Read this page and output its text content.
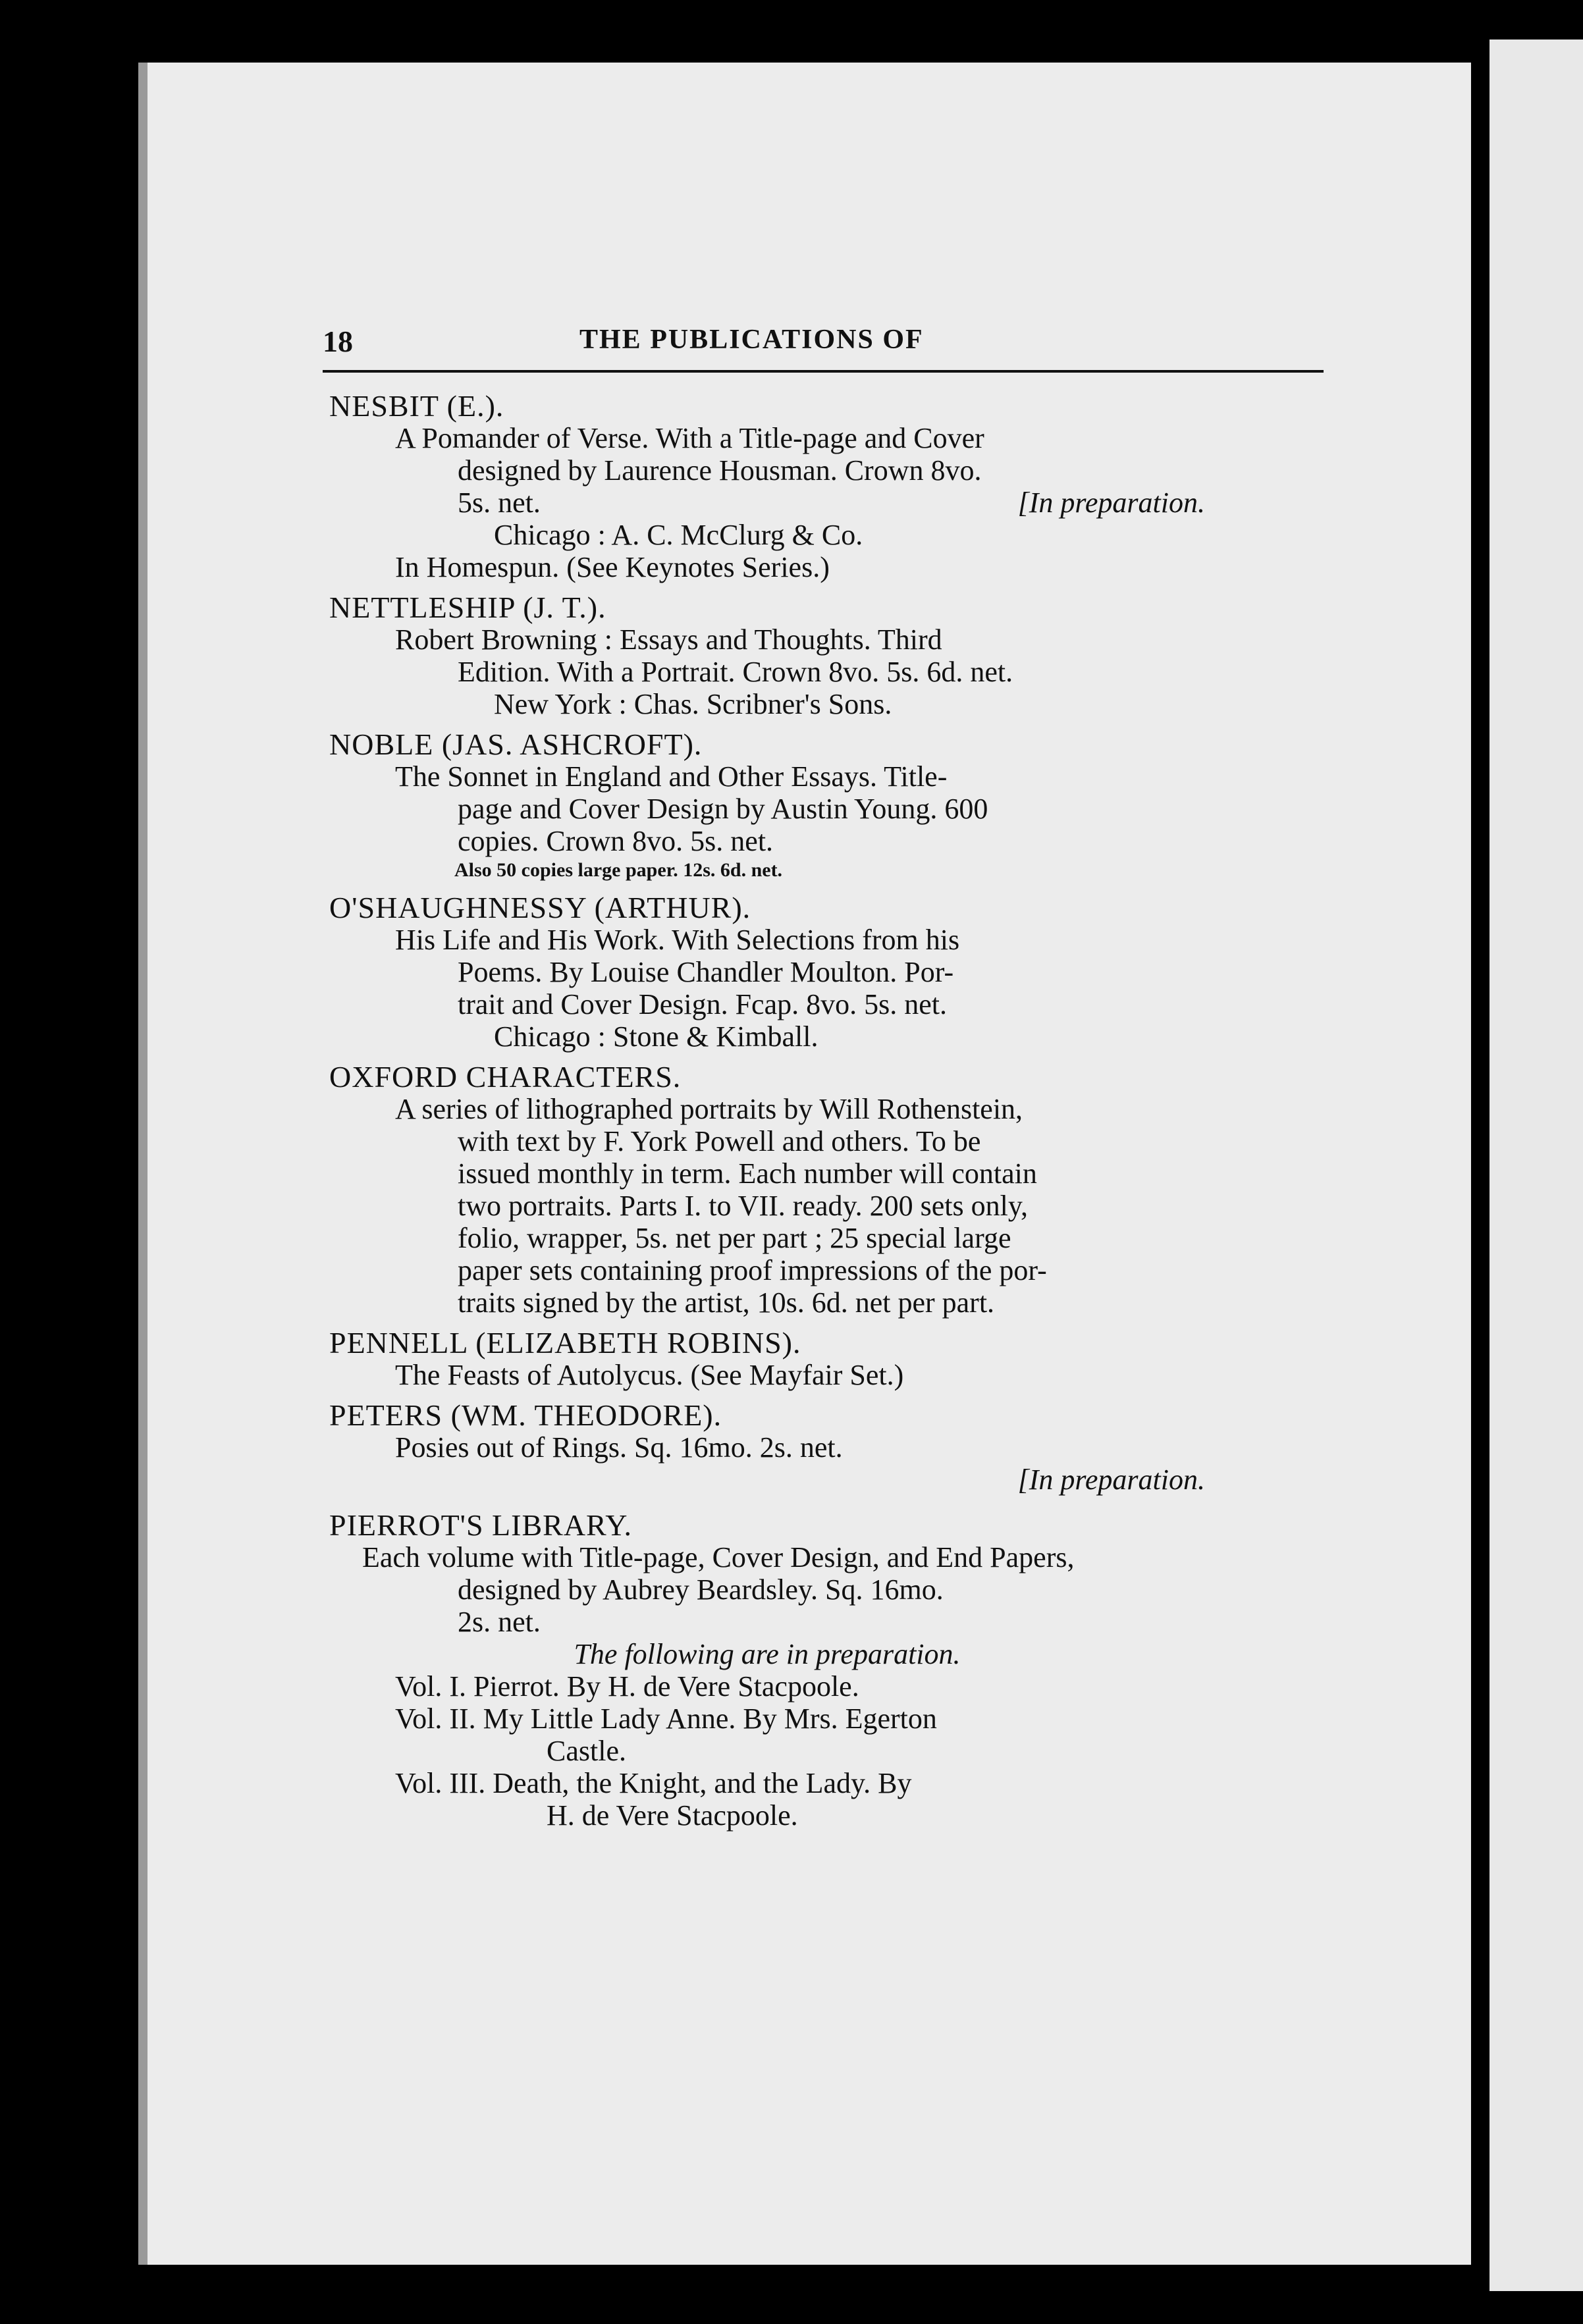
18	THE PUBLICATIONS OF
NESBIT (E.).
A Pomander of Verse. With a Title-page and Cover
designed by Laurence Housman. Crown 8vo.
5s. net.	[In preparation.
Chicago : A. C. McClurg & Co.
In Homespun. (See Keynotes Series.)
NETTLESHIP (J. T.).
Robert Browning : Essays and Thoughts. Third
Edition. With a Portrait. Crown 8vo. 5s. 6d. net.
New York : Chas. Scribner's Sons.
NOBLE (JAS. ASHCROFT).
The Sonnet in England and Other Essays. Title-
page and Cover Design by Austin Young. 600
copies. Crown 8vo. 5s. net.
Also 50 copies large paper. 12s. 6d. net.
O'SHAUGHNESSY (ARTHUR).
His Life and His Work. With Selections from his
Poems. By Louise Chandler Moulton. Por-
trait and Cover Design. Fcap. 8vo. 5s. net.
Chicago : Stone & Kimball.
OXFORD CHARACTERS.
A series of lithographed portraits by Will Rothenstein,
with text by F. York Powell and others. To be
issued monthly in term. Each number will contain
two portraits. Parts I. to VII. ready. 200 sets only,
folio, wrapper, 5s. net per part ; 25 special large
paper sets containing proof impressions of the por-
traits signed by the artist, 10s. 6d. net per part.
PENNELL (ELIZABETH ROBINS).
The Feasts of Autolycus. (See Mayfair Set.)
PETERS (WM. THEODORE).
Posies out of Rings. Sq. 16mo. 2s. net.
[In preparation.
PIERROT'S LIBRARY.
Each volume with Title-page, Cover Design, and End Papers,
designed by Aubrey Beardsley. Sq. 16mo.
2s. net.
The following are in preparation.
Vol. I. Pierrot. By H. de Vere Stacpoole.
Vol. II. My Little Lady Anne. By Mrs. Egerton
Castle.
Vol. III. Death, the Knight, and the Lady. By
H. de Vere Stacpoole.
